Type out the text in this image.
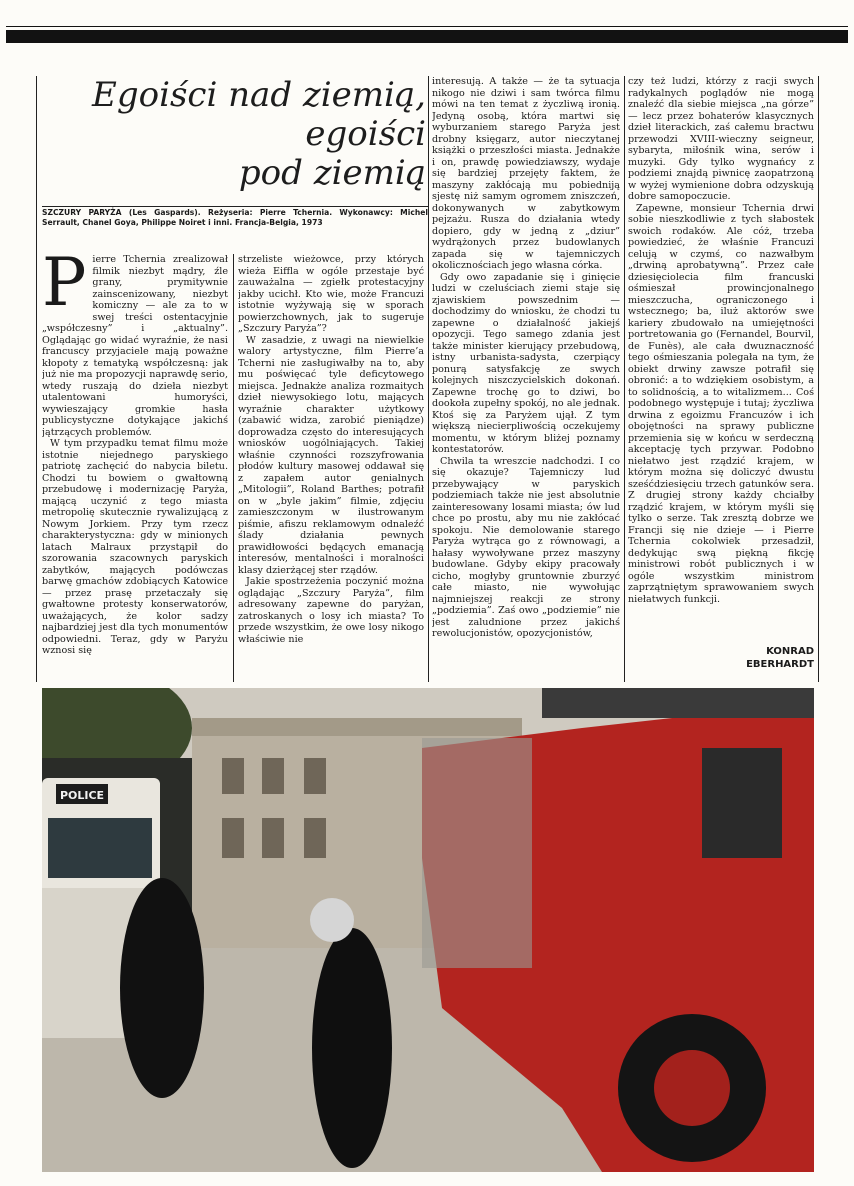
Egoiści nad ziemią,
egoiści
pod ziemią
SZCZURY PARYŻA (Les Gaspards). Reżyseria: Pierre Tchernia. Wykonawcy: Michel Serrault, Chanel Goya, Philippe Noiret i inni. Francja-Belgia, 1973

Pierre Tchernia zrealizował filmik niezbyt mądry, źle grany, prymitywnie zainscenizowany, niezbyt komiczny — ale za to w swej treści ostentacyjnie „współczesny” i „aktualny”. Oglądając go widać wyraźnie, że nasi francuscy przyjaciele mają poważne kłopoty z tematyką współczesną: jak już nie ma propozycji naprawdę serio, wtedy ruszają do dzieła niezbyt utalentowani humoryści, wywieszający gromkie hasła publicystyczne dotykające jakichś jątrzących problemów.

W tym przypadku temat filmu może istotnie niejednego paryskiego patriotę zachęcić do nabycia biletu. Chodzi tu bowiem o gwałtowną przebudowę i modernizację Paryża, mającą uczynić z tego miasta metropolię skutecznie rywalizującą z Nowym Jorkiem. Przy tym rzecz charakterystyczna: gdy w minionych latach Malraux przystąpił do szorowania szacownych paryskich zabytków, mających podówczas barwę gmachów zdobiących Katowice — przez prasę przetaczały się gwałtowne protesty konserwatorów, uważających, że kolor sadzy najbardziej jest dla tych monumentów odpowiedni. Teraz, gdy w Paryżu wznosi się

strzeliste wieżowce, przy których wieża Eiffla w ogóle przestaje być zauważalna — zgiełk protestacyjny jakby ucichł. Kto wie, może Francuzi istotnie wyżywają się w sporach powierzchownych, jak to sugeruje „Szczury Paryża”?

W zasadzie, z uwagi na niewielkie walory artystyczne, film Pierre’a Tcherni nie zasługiwałby na to, aby mu poświęcać tyle deficytowego miejsca. Jednakże analiza rozmaitych dzieł niewysokiego lotu, mających wyraźnie charakter użytkowy (zabawić widza, zarobić pieniądze) doprowadza często do interesujących wniosków uogólniających. Takiej właśnie czynności rozszyfrowania płodów kultury masowej oddawał się z zapałem autor genialnych „Mitologii”, Roland Barthes; potrafił on w „byle jakim” filmie, zdjęciu zamieszczonym w ilustrowanym piśmie, afiszu reklamowym odnaleźć ślady działania pewnych prawidłowości będących emanacją interesów, mentalności i moralności klasy dzierżącej ster rządów.

Jakie spostrzeżenia poczynić można oglądając „Szczury Paryża”, film adresowany zapewne do paryżan, zatroskanych o losy ich miasta? To przede wszystkim, że owe losy nikogo właściwie nie

interesują. A także — że ta sytuacja nikogo nie dziwi i sam twórca filmu mówi na ten temat z życzliwą ironią. Jedyną osobą, która martwi się wyburzaniem starego Paryża jest drobny księgarz, autor nieczytanej książki o przeszłości miasta. Jednakże i on, prawdę powiedziawszy, wydaje się bardziej przejęty faktem, że maszyny zakłócają mu pobiedniją sjestę niż samym ogromem zniszczeń, dokonywanych w zabytkowym pejzażu. Rusza do działania wtedy dopiero, gdy w jedną z „dziur” wydrążonych przez budowlanych zapada się w tajemniczych okolicznościach jego własna córka.

Gdy owo zapadanie się i ginięcie ludzi w czeluściach ziemi staje się zjawiskiem powszednim — dochodzimy do wniosku, że chodzi tu zapewne o działalność jakiejś opozycji. Tego samego zdania jest także minister kierujący przebudową, istny urbanista-sadysta, czerpiący ponurą satysfakcję ze swych kolejnych niszczycielskich dokonań. Zapewne trochę go to dziwi, bo dookoła zupełny spokój, no ale jednak. Ktoś się za Paryżem ujął. Z tym większą niecierpliwością oczekujemy momentu, w którym bliżej poznamy kontestatorów.

Chwila ta wreszcie nadchodzi. I co się okazuje? Tajemniczy lud przebywający w paryskich podziemiach także nie jest absolutnie zainteresowany losami miasta; ów lud chce po prostu, aby mu nie zakłócać spokoju. Nie demolowanie starego Paryża wytrąca go z równowagi, a hałasy wywoływane przez maszyny budowlane. Gdyby ekipy pracowały cicho, mogłyby gruntownie zburzyć całe miasto, nie wywołując najmniejszej reakcji ze strony „podziemia”. Zaś owo „podziemie” nie jest zaludnione przez jakichś rewolucjonistów, opozycjonistów,

czy też ludzi, którzy z racji swych radykalnych poglądów nie mogą znaleźć dla siebie miejsca „na górze” — lecz przez bohaterów klasycznych dzieł literackich, zaś całemu bractwu przewodzi XVIII-wieczny seigneur, sybaryta, miłośnik wina, serów i muzyki. Gdy tylko wygnańcy z podziemi znajdą piwnicę zaopatrzoną w wyżej wymienione dobra odzyskują dobre samopoczucie.

Zapewne, monsieur Tchernia drwi sobie nieszkodliwie z tych słabostek swoich rodaków. Ale cóż, trzeba powiedzieć, że właśnie Francuzi celują w czymś, co nazwałbym „drwiną aprobatywną”. Przez całe dziesięciolecia film francuski ośmieszał prowincjonalnego mieszczucha, ograniczonego i wstecznego; ba, iluż aktorów swe kariery zbudowało na umiejętności portretowania go (Fernandel, Bourvil, de Funès), ale cała dwuznaczność tego ośmieszania polegała na tym, że obiekt drwiny zawsze potrafił się obronić: a to wdziękiem osobistym, a to solidnością, a to witalizmem... Coś podobnego występuje i tutaj; życzliwa drwina z egoizmu Francuzów i ich obojętności na sprawy publiczne przemienia się w końcu w serdeczną akceptację tych przywar. Podobno niełatwo jest rządzić krajem, w którym można się doliczyć dwustu sześćdziesięciu trzech gatunków sera. Z drugiej strony każdy chciałby rządzić krajem, w którym myśli się tylko o serze. Tak zresztą dobrze we Francji się nie dzieje — i Pierre Tchernia cokolwiek przesadził, dedykując swą piękną fikcję ministrowi robót publicznych i w ogóle wszystkim ministrom zaprzątniętym sprawowaniem swych niełatwych funkcji.

KONRAD
EBERHARDT
POLICE
